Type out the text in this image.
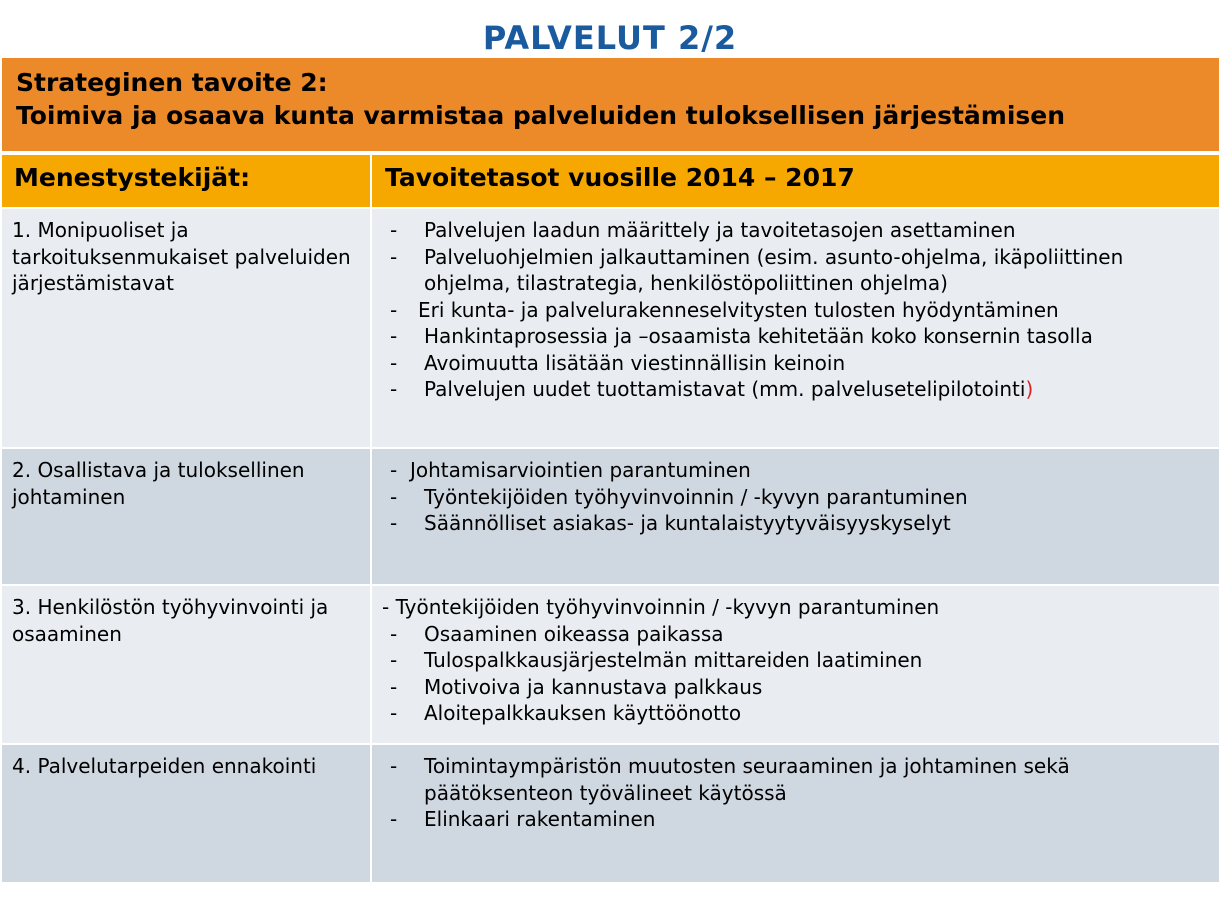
PALVELUT 2/2
Strateginen tavoite 2:
Toimiva ja osaava kunta varmistaa palveluiden tuloksellisen järjestämisen
Menestystekijät:	Tavoitetasot vuosille 2014 – 2017
1. Monipuoliset ja tarkoituksenmukaiset palveluiden järjestämistavat
- Palvelujen laadun määrittely ja tavoitetasojen asettaminen
- Palveluohjelmien jalkauttaminen (esim. asunto-ohjelma, ikäpoliittinen ohjelma, tilastrategia, henkilöstöpoliittinen ohjelma)
- Eri kunta- ja palvelurakenneselvitysten tulosten hyödyntäminen
- Hankintaprosessia ja –osaamista kehitetään koko konsernin tasolla
- Avoimuutta lisätään viestinnällisin keinoin
- Palvelujen uudet tuottamistavat (mm. palvelusetelipilotointi)
2. Osallistava ja tuloksellinen johtaminen
- Johtamisarviointien parantuminen
- Työntekijöiden työhyvinvoinnin / -kyvyn parantuminen
- Säännölliset asiakas- ja kuntalaistyytyväisyyskyselyt
3. Henkilöstön työhyvinvointi ja osaaminen
- Työntekijöiden työhyvinvoinnin / -kyvyn parantuminen
- Osaaminen oikeassa paikassa
- Tulospalkkausjärjestelmän mittareiden laatiminen
- Motivoiva ja kannustava palkkaus
- Aloitepalkkauksen käyttöönotto
4. Palvelutarpeiden ennakointi	- Toimintaympäristön muutosten seuraaminen ja johtaminen sekä päätöksenteon työvälineet käytössä
- Elinkaari rakentaminen
